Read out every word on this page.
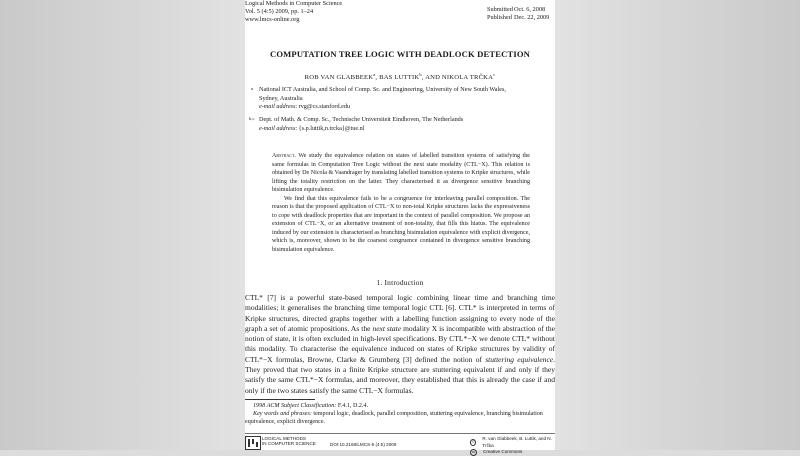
Logical Methods in Computer Science
Vol. 5 (4:5) 2009, pp. 1–24
www.lmcs-online.org
Submitted Oct. 6, 2008
Published Dec. 22, 2009
COMPUTATION TREE LOGIC WITH DEADLOCK DETECTION
ROB VAN GLABBEEK$^a$, BAS LUTTIK$^b$, AND NIKOLA TRČKA$^c$
a National ICT Australia, and School of Comp. Sc. and Engineering, University of New South Wales,
Sydney, Australia
e-mail address: rvg@cs.stanford.edu
b,c Dept. of Math. & Comp. Sc., Technische Universiteit Eindhoven, The Netherlands
e-mail address: {s.p.luttik,n.trcka}@tue.nl

Abstract. We study the equivalence relation on states of labelled transition systems of satisfying the same formulas in Computation Tree Logic without the next state modality (CTL−X). This relation is obtained by De Nicola & Vaandrager by translating labelled transition systems to Kripke structures, while lifting the totality restriction on the latter. They characterised it as divergence sensitive branching bisimulation equivalence.

We find that this equivalence fails to be a congruence for interleaving parallel composition. The reason is that the proposed application of CTL−X to non-total Kripke structures lacks the expressiveness to cope with deadlock properties that are important in the context of parallel composition. We propose an extension of CTL−X, or an alternative treatment of non-totality, that fills this hiatus. The equivalence induced by our extension is characterised as branching bisimulation equivalence with explicit divergence, which is, moreover, shown to be the coarsest congruence contained in divergence sensitive branching bisimulation equivalence.

1. Introduction

CTL* [7] is a powerful state-based temporal logic combining linear time and branching time modalities; it generalises the branching time temporal logic CTL [6]. CTL* is interpreted in terms of Kripke structures, directed graphs together with a labelling function assigning to every node of the graph a set of atomic propositions. As the next state modality X is incompatible with abstraction of the notion of state, it is often excluded in high-level specifications. By CTL*−X we denote CTL* without this modality. To characterise the equivalence induced on states of Kripke structures by validity of CTL*−X formulas, Browne, Clarke & Grumberg [3] defined the notion of stuttering equivalence. They proved that two states in a finite Kripke structure are stuttering equivalent if and only if they satisfy the same CTL*−X formulas, and moreover, they established that this is already the case if and only if the two states satisfy the same CTL−X formulas.

1998 ACM Subject Classification: F.4.1, D.2.4.

Key words and phrases: temporal logic, deadlock, parallel composition, stuttering equivalence, branching bisimulation equivalence, explicit divergence.

LOGICAL METHODS
IN COMPUTER SCIENCE	DOI:10.2168/LMCS-5 (4:5) 2009	©
R. van Glabbeek, B. Luttik, and N. Trčka
cc	Creative Commons
